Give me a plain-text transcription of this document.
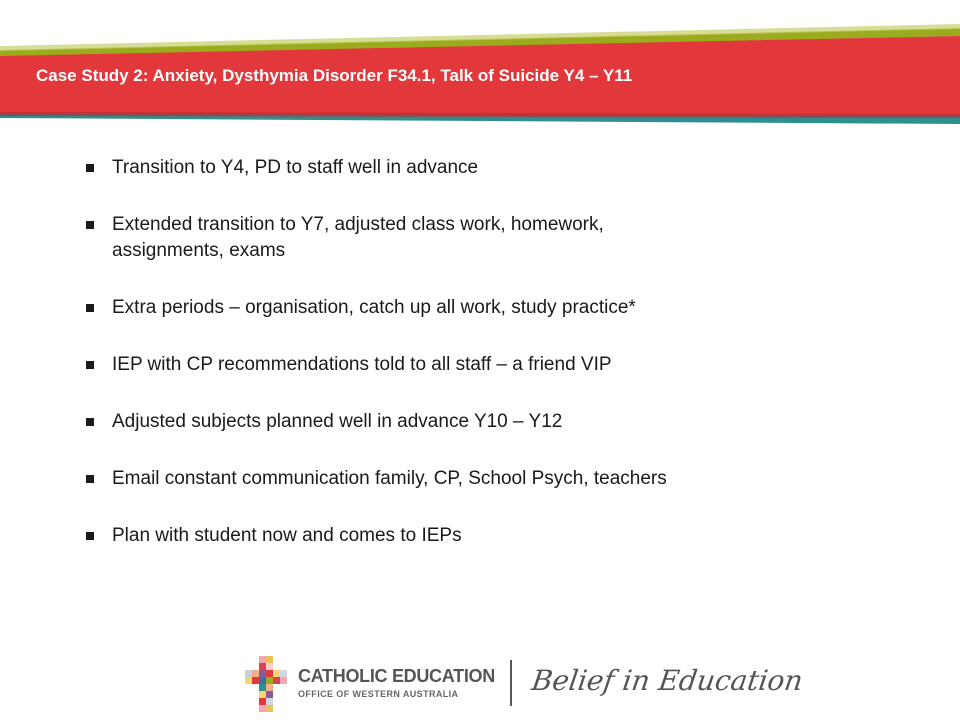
Case Study 2: Anxiety, Dysthymia Disorder F34.1, Talk of Suicide Y4 – Y11
Transition to Y4, PD to staff well in advance
Extended transition to Y7, adjusted class work, homework,
assignments, exams
Extra periods – organisation, catch up all work, study practice*
IEP with CP recommendations told to all staff – a friend VIP
Adjusted subjects planned well in advance Y10 – Y12
Email constant communication family, CP, School Psych, teachers
Plan with student now and comes to IEPs
CATHOLIC EDUCATION
OFFICE OF WESTERN AUSTRALIA	Belief in Education
